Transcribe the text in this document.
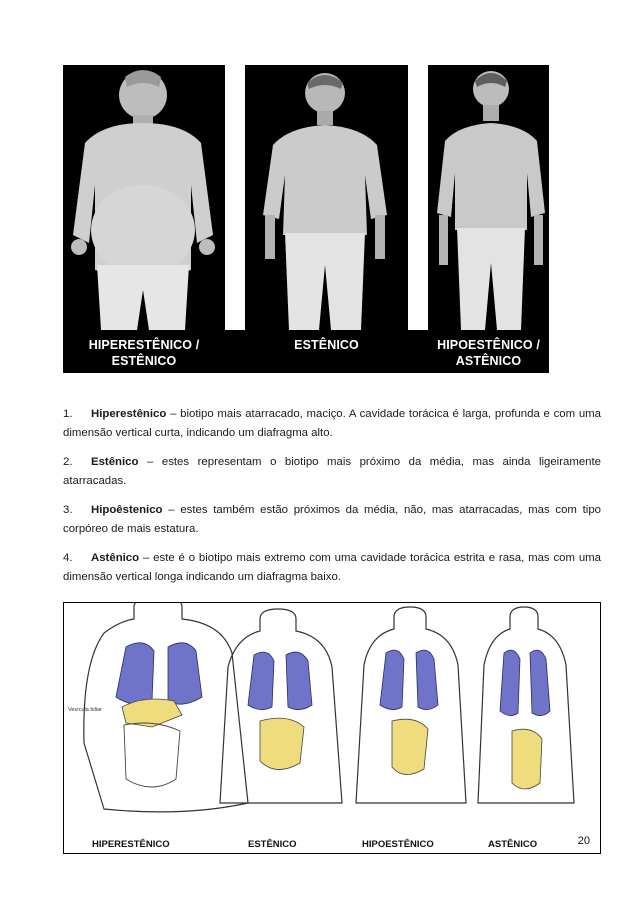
HIPERESTÊNICO /
ESTÊNICO
ESTÊNICO	HIPOESTÊNICO /
ASTÊNICO

1. Hiperestênico – biotipo mais atarracado, maciço. A cavidade torácica é larga, profunda e com uma dimensão vertical curta, indicando um diafragma alto.

2. Estênico – estes representam o biotipo mais próximo da média, mas ainda ligeiramente atarracadas.

3. Hipoêstenico – estes também estão próximos da média, não, mas atarracadas, mas com tipo corpóreo de mais estatura.

4. Astênico – este é o biotipo mais extremo com uma cavidade torácica estrita e rasa, mas com uma dimensão vertical longa indicando um diafragma baixo.

Vesícula biliar
HIPERESTÊNICO	ESTÊNICO	HIPOESTÊNICO	ASTÊNICO	20
